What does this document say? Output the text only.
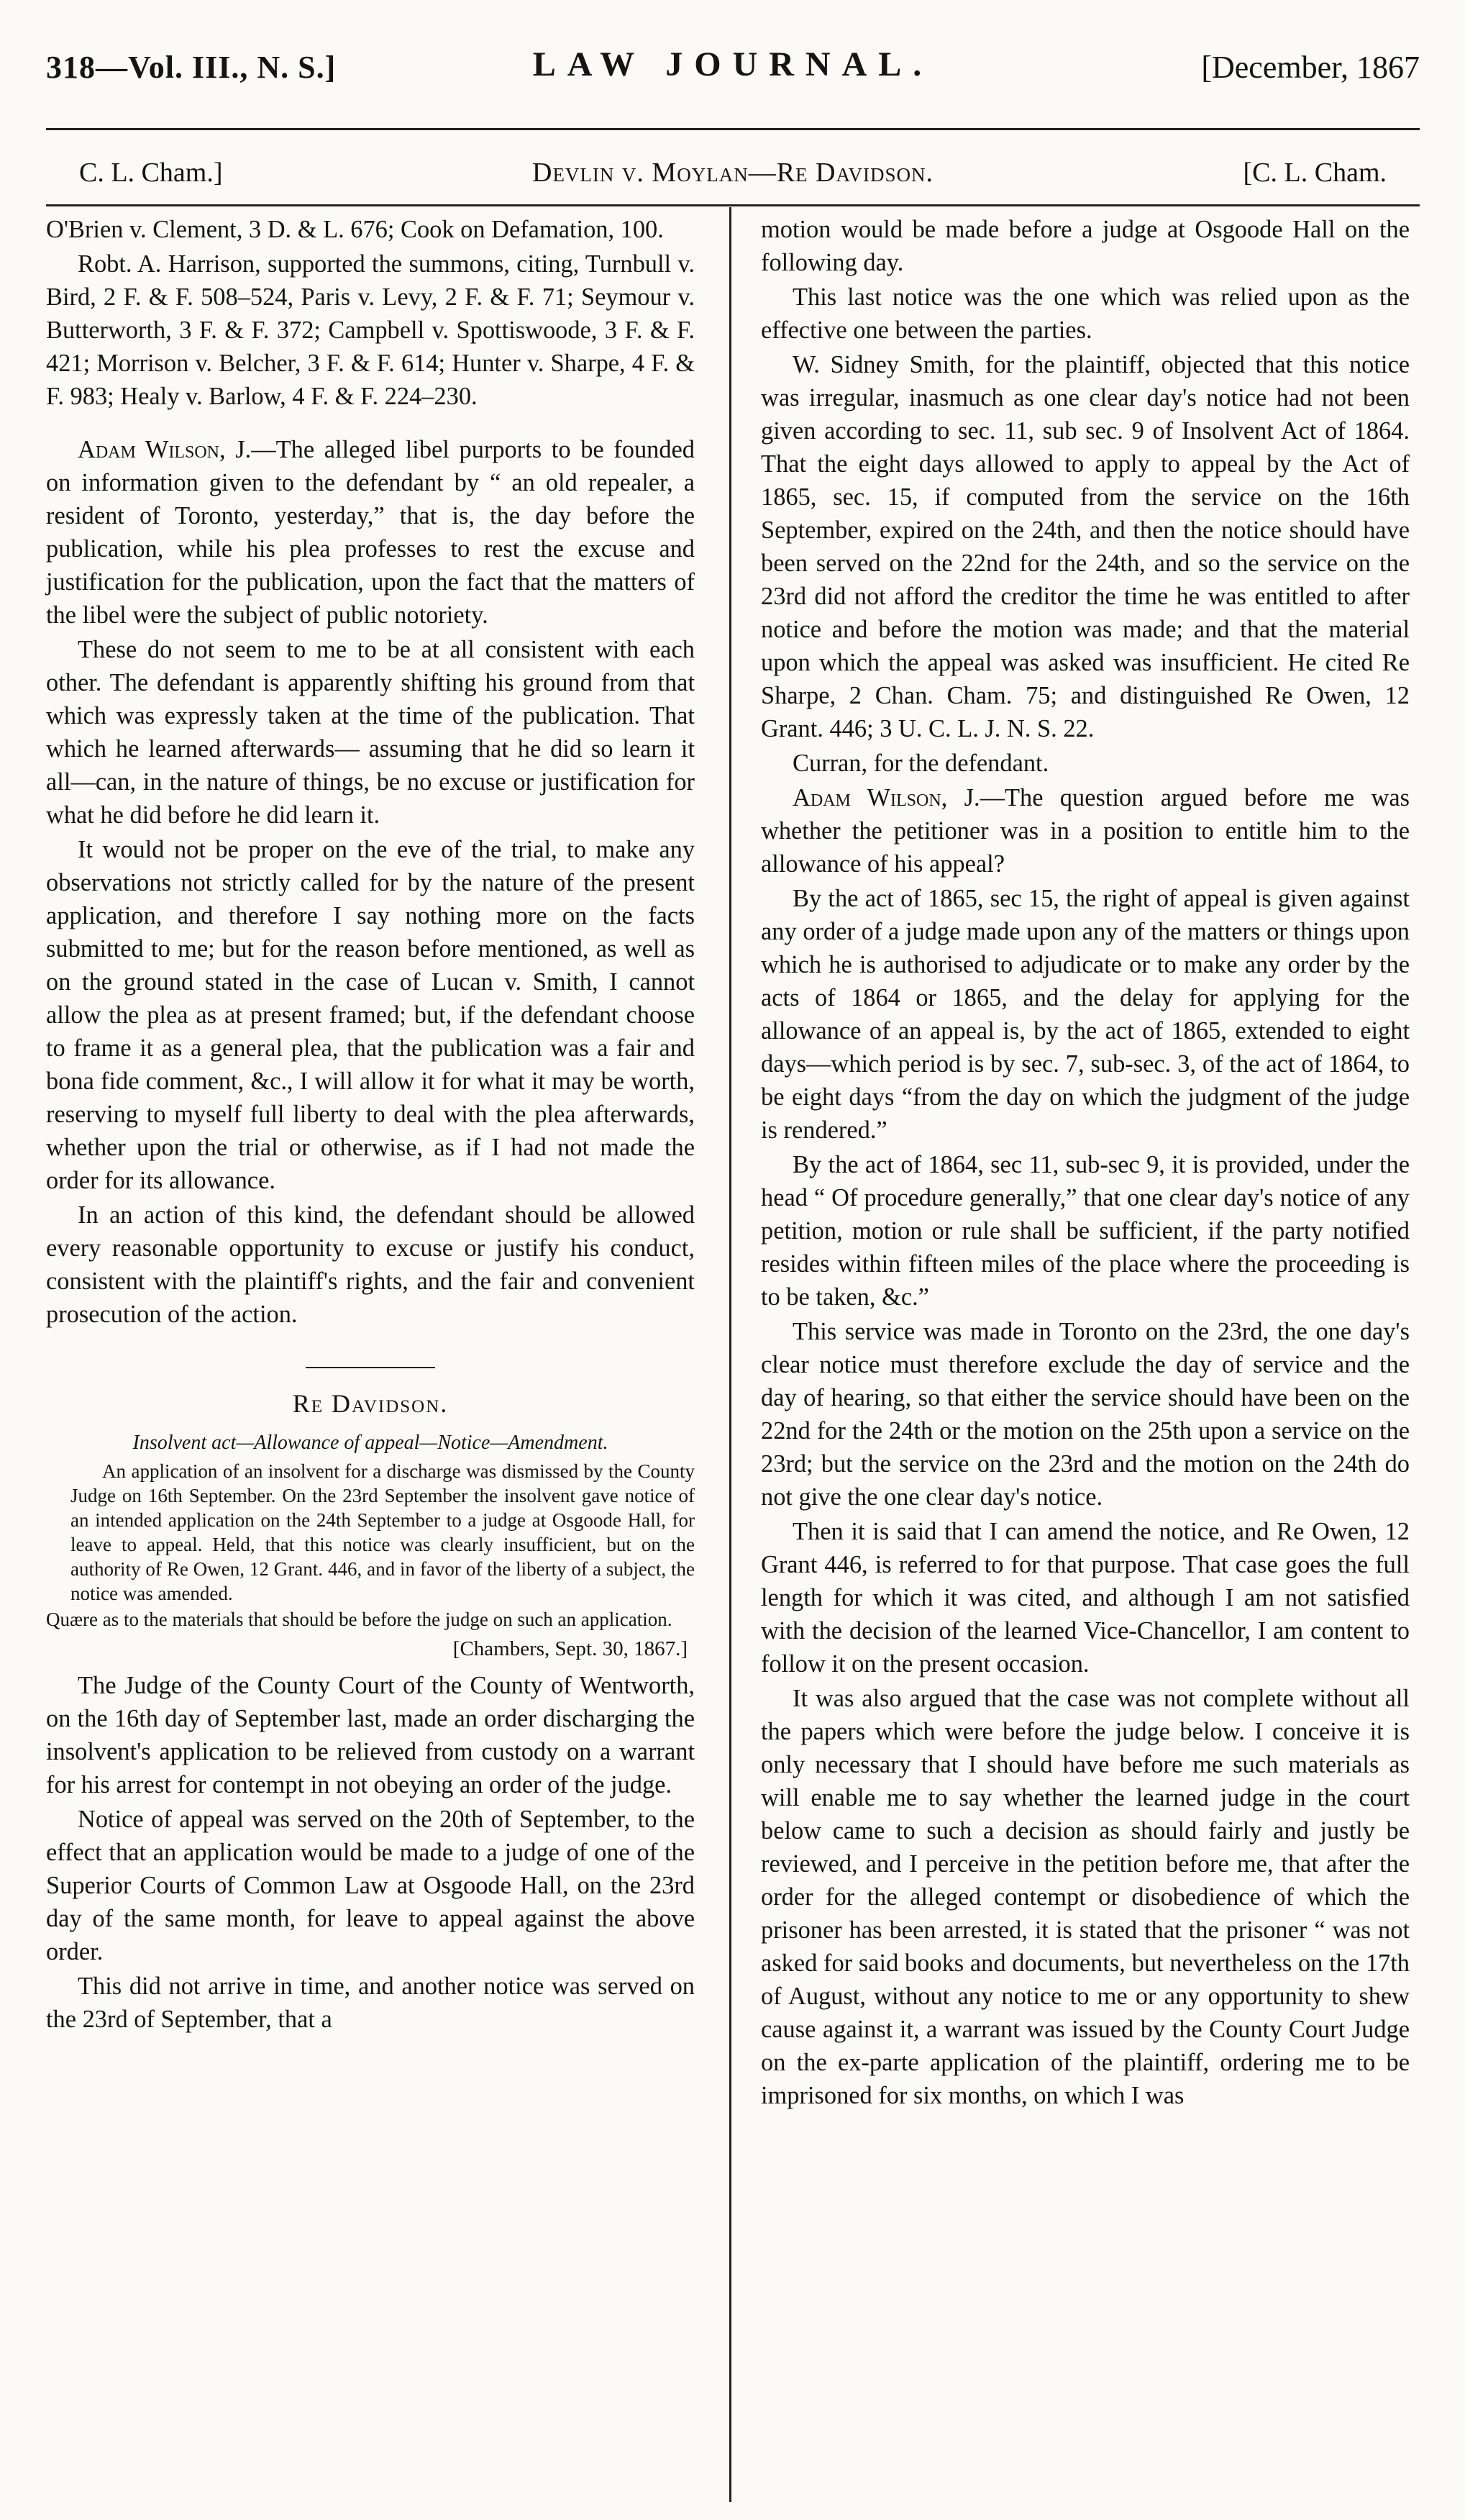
318—Vol. III., N. S.]	LAW JOURNAL.	[December, 1867
C. L. Cham.]	Devlin v. Moylan—Re Davidson.	[C. L. Cham.

O'Brien v. Clement, 3 D. & L. 676; Cook on Defamation, 100.

Robt. A. Harrison, supported the summons, citing, Turnbull v. Bird, 2 F. & F. 508–524, Paris v. Levy, 2 F. & F. 71; Seymour v. Butterworth, 3 F. & F. 372; Campbell v. Spottiswoode, 3 F. & F. 421; Morrison v. Belcher, 3 F. & F. 614; Hunter v. Sharpe, 4 F. & F. 983; Healy v. Barlow, 4 F. & F. 224–230.

Adam Wilson, J.—The alleged libel purports to be founded on information given to the defendant by “ an old repealer, a resident of Toronto, yesterday,” that is, the day before the publication, while his plea professes to rest the excuse and justification for the publication, upon the fact that the matters of the libel were the subject of public notoriety.

These do not seem to me to be at all consistent with each other. The defendant is apparently shifting his ground from that which was expressly taken at the time of the publication. That which he learned afterwards— assuming that he did so learn it all—can, in the nature of things, be no excuse or justification for what he did before he did learn it.

It would not be proper on the eve of the trial, to make any observations not strictly called for by the nature of the present application, and therefore I say nothing more on the facts submitted to me; but for the reason before mentioned, as well as on the ground stated in the case of Lucan v. Smith, I cannot allow the plea as at present framed; but, if the defendant choose to frame it as a general plea, that the publication was a fair and bona fide comment, &c., I will allow it for what it may be worth, reserving to myself full liberty to deal with the plea afterwards, whether upon the trial or otherwise, as if I had not made the order for its allowance.

In an action of this kind, the defendant should be allowed every reasonable opportunity to excuse or justify his conduct, consistent with the plaintiff's rights, and the fair and convenient prosecution of the action.

Re Davidson.
Insolvent act—Allowance of appeal—Notice—Amendment.

An application of an insolvent for a discharge was dismissed by the County Judge on 16th September. On the 23rd September the insolvent gave notice of an intended application on the 24th September to a judge at Osgoode Hall, for leave to appeal. Held, that this notice was clearly insufficient, but on the authority of Re Owen, 12 Grant. 446, and in favor of the liberty of a subject, the notice was amended.

Quære as to the materials that should be before the judge on such an application.

[Chambers, Sept. 30, 1867.]

The Judge of the County Court of the County of Wentworth, on the 16th day of September last, made an order discharging the insolvent's application to be relieved from custody on a warrant for his arrest for contempt in not obeying an order of the judge.

Notice of appeal was served on the 20th of September, to the effect that an application would be made to a judge of one of the Superior Courts of Common Law at Osgoode Hall, on the 23rd day of the same month, for leave to appeal against the above order.

This did not arrive in time, and another notice was served on the 23rd of September, that a

motion would be made before a judge at Osgoode Hall on the following day.

This last notice was the one which was relied upon as the effective one between the parties.

W. Sidney Smith, for the plaintiff, objected that this notice was irregular, inasmuch as one clear day's notice had not been given according to sec. 11, sub sec. 9 of Insolvent Act of 1864. That the eight days allowed to apply to appeal by the Act of 1865, sec. 15, if computed from the service on the 16th September, expired on the 24th, and then the notice should have been served on the 22nd for the 24th, and so the service on the 23rd did not afford the creditor the time he was entitled to after notice and before the motion was made; and that the material upon which the appeal was asked was insufficient. He cited Re Sharpe, 2 Chan. Cham. 75; and distinguished Re Owen, 12 Grant. 446; 3 U. C. L. J. N. S. 22.

Curran, for the defendant.

Adam Wilson, J.—The question argued before me was whether the petitioner was in a position to entitle him to the allowance of his appeal?

By the act of 1865, sec 15, the right of appeal is given against any order of a judge made upon any of the matters or things upon which he is authorised to adjudicate or to make any order by the acts of 1864 or 1865, and the delay for applying for the allowance of an appeal is, by the act of 1865, extended to eight days—which period is by sec. 7, sub-sec. 3, of the act of 1864, to be eight days “from the day on which the judgment of the judge is rendered.”

By the act of 1864, sec 11, sub-sec 9, it is provided, under the head “ Of procedure generally,” that one clear day's notice of any petition, motion or rule shall be sufficient, if the party notified resides within fifteen miles of the place where the proceeding is to be taken, &c.”

This service was made in Toronto on the 23rd, the one day's clear notice must therefore exclude the day of service and the day of hearing, so that either the service should have been on the 22nd for the 24th or the motion on the 25th upon a service on the 23rd; but the service on the 23rd and the motion on the 24th do not give the one clear day's notice.

Then it is said that I can amend the notice, and Re Owen, 12 Grant 446, is referred to for that purpose. That case goes the full length for which it was cited, and although I am not satisfied with the decision of the learned Vice-Chancellor, I am content to follow it on the present occasion.

It was also argued that the case was not complete without all the papers which were before the judge below. I conceive it is only necessary that I should have before me such materials as will enable me to say whether the learned judge in the court below came to such a decision as should fairly and justly be reviewed, and I perceive in the petition before me, that after the order for the alleged contempt or disobedience of which the prisoner has been arrested, it is stated that the prisoner “ was not asked for said books and documents, but nevertheless on the 17th of August, without any notice to me or any opportunity to shew cause against it, a warrant was issued by the County Court Judge on the ex-parte application of the plaintiff, ordering me to be imprisoned for six months, on which I was
